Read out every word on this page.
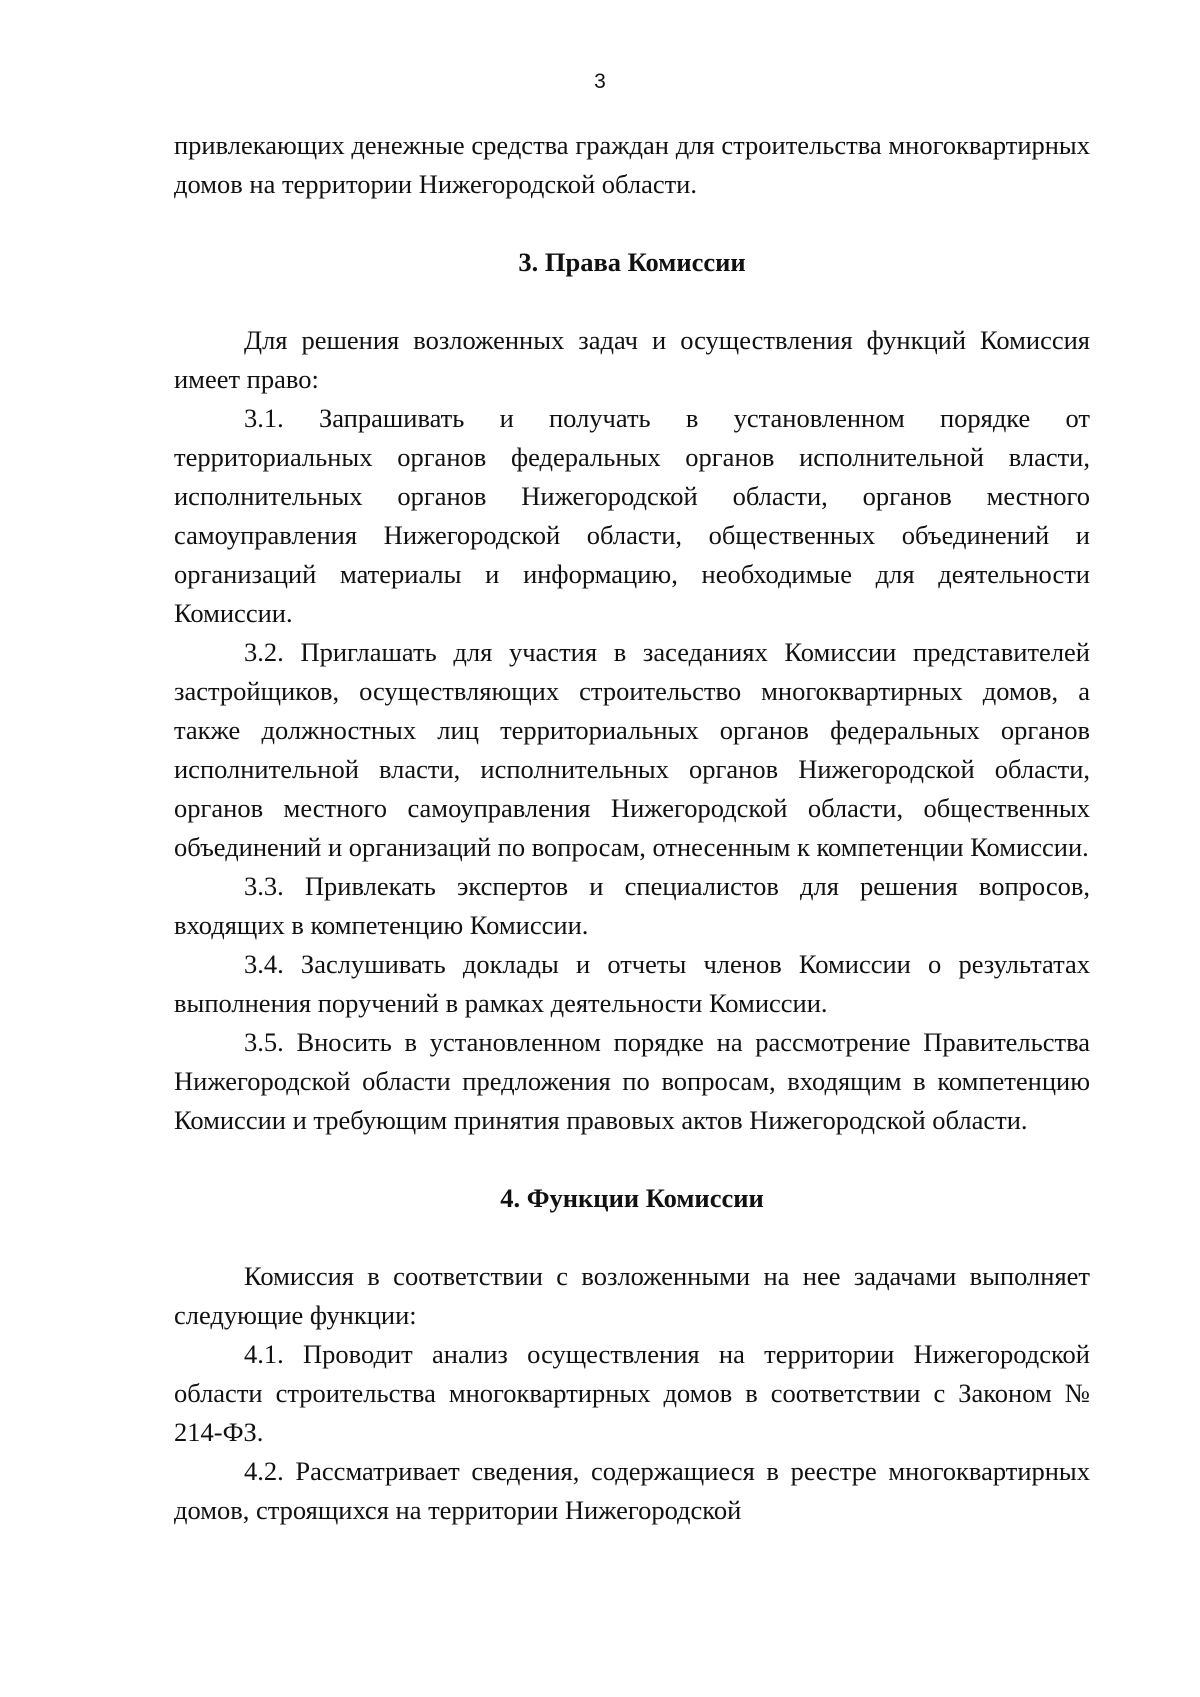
3

привлекающих денежные средства граждан для строительства многоквартирных домов на территории Нижегородской области.

3. Права Комиссии

Для решения возложенных задач и осуществления функций Комиссия имеет право:

3.1. Запрашивать и получать в установленном порядке от территориальных органов федеральных органов исполнительной власти, исполнительных органов Нижегородской области, органов местного самоуправления Нижегородской области, общественных объединений и организаций материалы и информацию, необходимые для деятельности Комиссии.

3.2. Приглашать для участия в заседаниях Комиссии представителей застройщиков, осуществляющих строительство многоквартирных домов, а также должностных лиц территориальных органов федеральных органов исполнительной власти, исполнительных органов Нижегородской области, органов местного самоуправления Нижегородской области, общественных объединений и организаций по вопросам, отнесенным к компетенции Комиссии.

3.3. Привлекать экспертов и специалистов для решения вопросов, входящих в компетенцию Комиссии.

3.4. Заслушивать доклады и отчеты членов Комиссии о результатах выполнения поручений в рамках деятельности Комиссии.

3.5. Вносить в установленном порядке на рассмотрение Правительства Нижегородской области предложения по вопросам, входящим в компетенцию Комиссии и требующим принятия правовых актов Нижегородской области.

4. Функции Комиссии

Комиссия в соответствии с возложенными на нее задачами выполняет следующие функции:

4.1. Проводит анализ осуществления на территории Нижегородской области строительства многоквартирных домов в соответствии с Законом № 214-ФЗ.

4.2. Рассматривает сведения, содержащиеся в реестре многоквартирных домов, строящихся на территории Нижегородской
